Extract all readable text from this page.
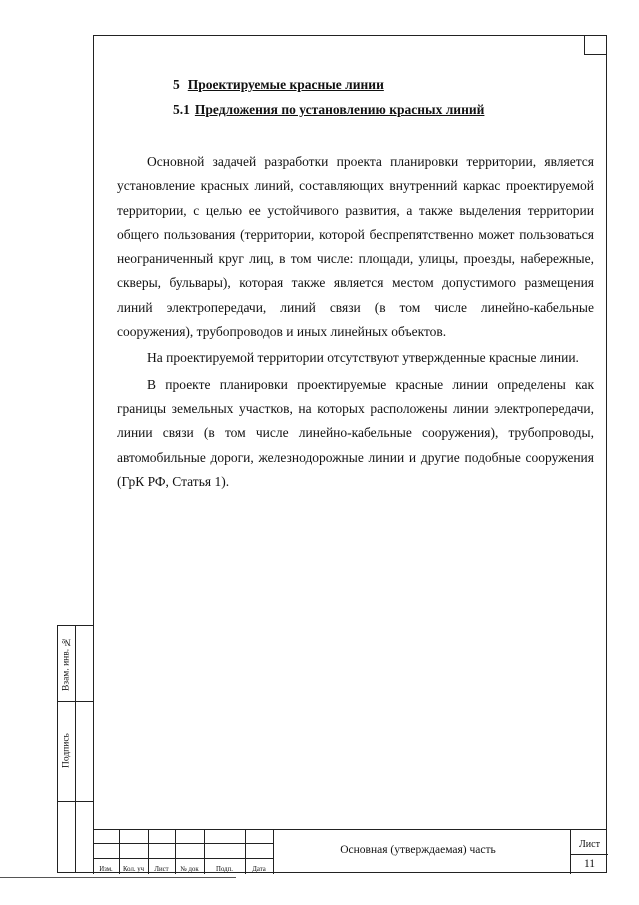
5 Проектируемые красные линии
5.1 Предложения по установлению красных линий

Основной задачей разработки проекта планировки территории, является установление красных линий, составляющих внутренний каркас проектируемой территории, с целью ее устойчивого развития, а также выделения территории общего пользования (территории, которой беспрепятственно может пользоваться неограниченный круг лиц, в том числе: площади, улицы, проезды, набережные, скверы, бульвары), которая также является местом допустимого размещения линий электропередачи, линий связи (в том числе линейно-кабельные сооружения), трубопроводов и иных линейных объектов.

На проектируемой территории отсутствуют утвержденные красные линии.

В проекте планировки проектируемые красные линии определены как границы земельных участков, на которых расположены линии электропередачи, линии связи (в том числе линейно-кабельные сооружения), трубопроводы, автомобильные дороги, железнодорожные линии и другие подобные сооружения (ГрК РФ, Статья 1).

Взам. инв. №
Подпись
Изм.	Кол. уч	Лист	№ док	Подп.	Дата
Основная (утверждаемая) часть	Лист
11
